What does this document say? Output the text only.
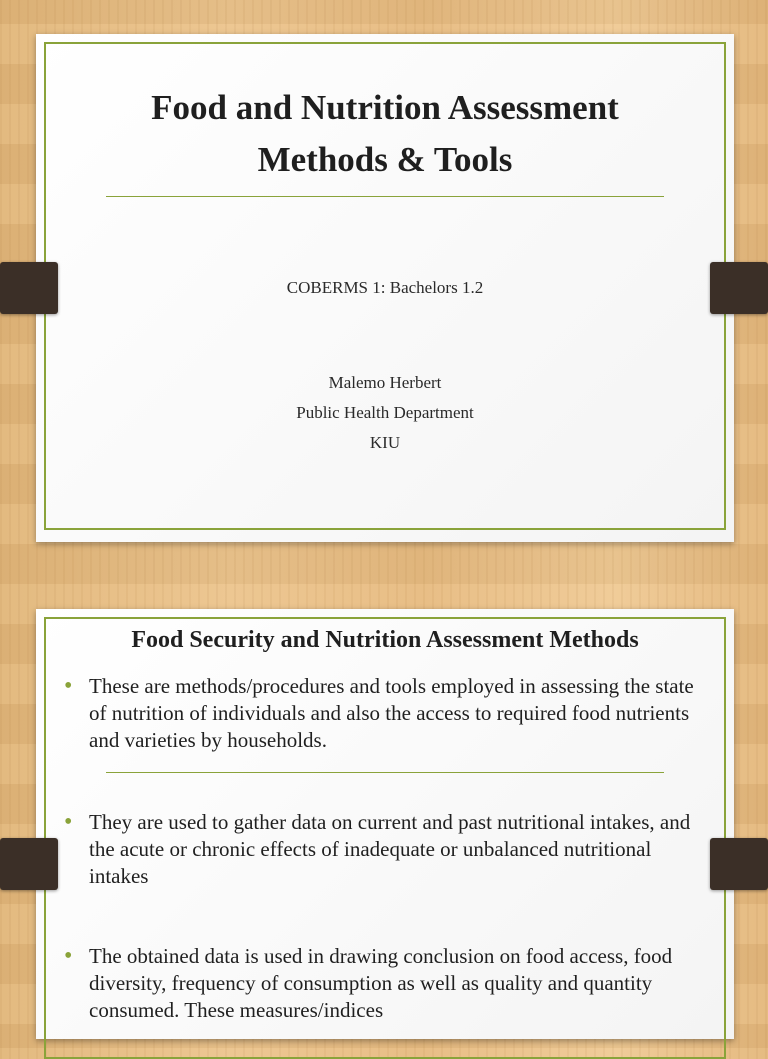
Food and Nutrition Assessment
Methods & Tools
COBERMS 1: Bachelors 1.2
Malemo Herbert
Public Health Department
KIU
Food Security and Nutrition Assessment Methods
• These are methods/procedures and tools employed in assessing the state of nutrition of individuals and also the access to required food nutrients and varieties by households.
• They are used to gather data on current and past nutritional intakes, and the acute or chronic effects of inadequate or unbalanced nutritional intakes
• The obtained data is used in drawing conclusion on food access, food diversity, frequency of consumption as well as quality and quantity consumed. These measures/indices
